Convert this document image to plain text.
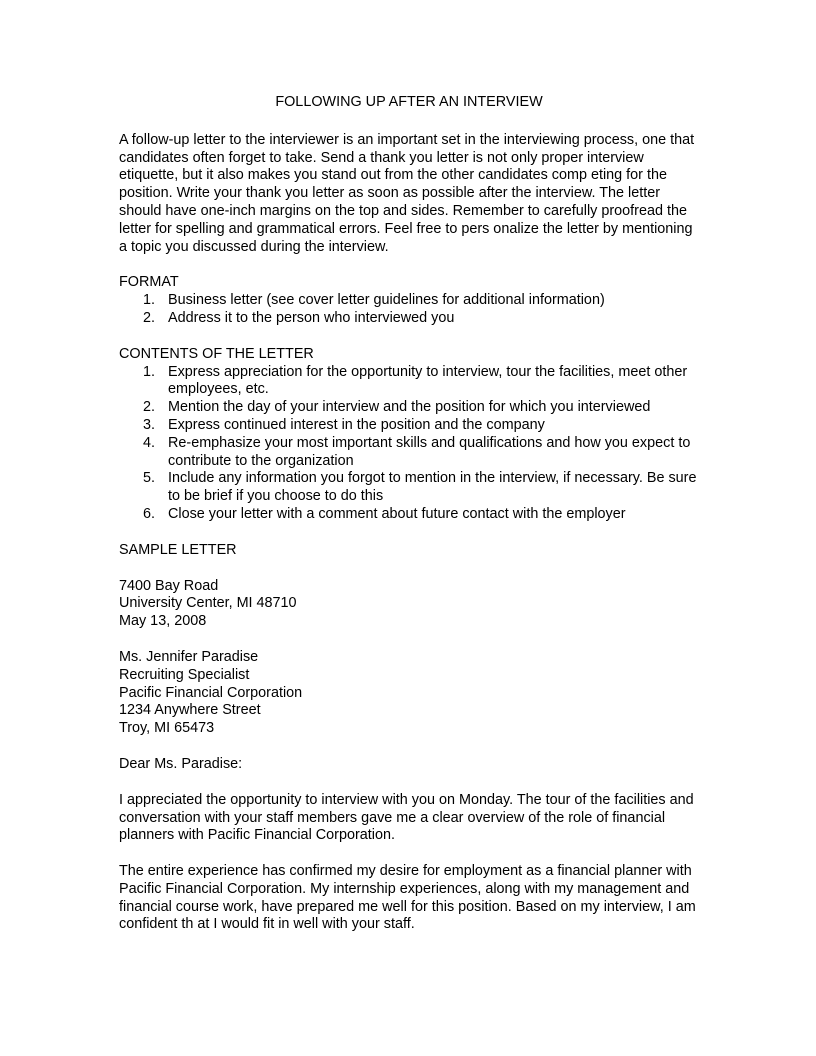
FOLLOWING UP AFTER AN INTERVIEW

A follow-up letter to the interviewer is an important set in the interviewing process, one that candidates often forget to take. Send a thank you letter is not only proper interview etiquette, but it also makes you stand out from the other candidates comp eting for the position. Write your thank you letter as soon as possible after the interview. The letter should have one-inch margins on the top and sides. Remember to carefully proofread the letter for spelling and grammatical errors. Feel free to pers onalize the letter by mentioning a topic you discussed during the interview.

FORMAT

1. Business letter (see cover letter guidelines for additional information)
2. Address it to the person who interviewed you

CONTENTS OF THE LETTER

1. Express appreciation for the opportunity to interview, tour the facilities, meet other employees, etc.
2. Mention the day of your interview and the position for which you interviewed
3. Express continued interest in the position and the company
4. Re-emphasize your most important skills and qualifications and how you expect to contribute to the organization
5. Include any information you forgot to mention in the interview, if necessary. Be sure to be brief if you choose to do this
6. Close your letter with a comment about future contact with the employer

SAMPLE LETTER

7400 Bay Road
University Center, MI 48710
May 13, 2008
Ms. Jennifer Paradise
Recruiting Specialist
Pacific Financial Corporation
1234 Anywhere Street
Troy, MI 65473

Dear Ms. Paradise:

I appreciated the opportunity to interview with you on Monday. The tour of the facilities and conversation with your staff members gave me a clear overview of the role of financial planners with Pacific Financial Corporation.

The entire experience has confirmed my desire for employment as a financial planner with Pacific Financial Corporation. My internship experiences, along with my management and financial course work, have prepared me well for this position. Based on my interview, I am confident th at I would fit in well with your staff.
